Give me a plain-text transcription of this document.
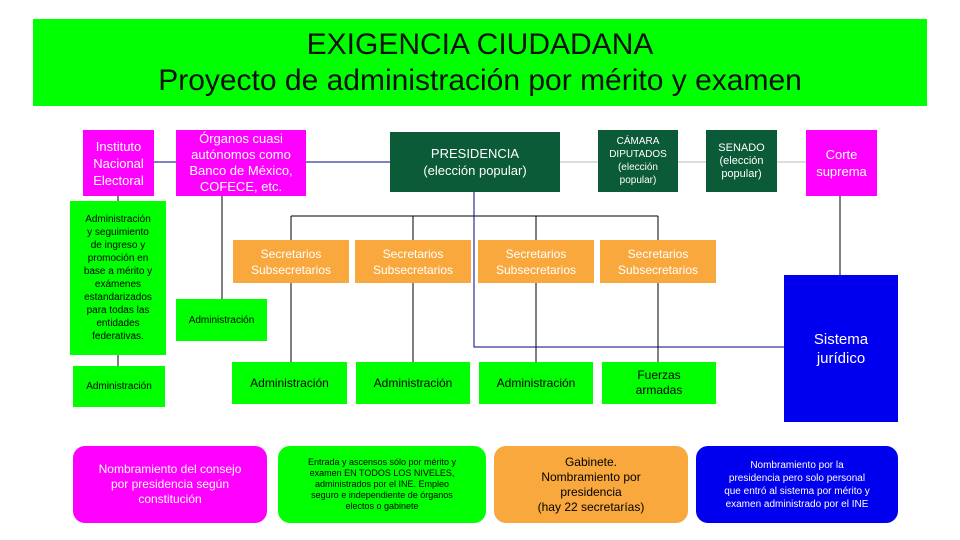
EXIGENCIA CIUDADANA
Proyecto de administración por mérito y examen
Instituto
Nacional
Electoral
Órganos cuasi
autónomos como
Banco de México,
COFECE, etc.
PRESIDENCIA
(elección popular)
CÁMARA
DIPUTADOS
(elección
popular)
SENADO
(elección
popular)
Corte
suprema
Administración
y seguimiento
de ingreso y
promoción en
base a mérito y
exámenes
estandarizados
para todas las
entidades
federativas.
Administración
Administración
Secretarios
Subsecretarios
Secretarios
Subsecretarios
Secretarios
Subsecretarios
Secretarios
Subsecretarios
Administración	Administración	Administración
Fuerzas
armadas
Sistema
jurídico
Nombramiento del consejo
por presidencia según
constitución
Entrada y ascensos sólo por mérito y
examen EN TODOS LOS NIVELES,
administrados por el INE. Empleo
seguro e independiente de órganos
electos o gabinete
Gabinete.
Nombramiento por
presidencia
(hay 22 secretarías)
Nombramiento por la
presidencia pero solo personal
que entró al sistema por mérito y
examen administrado por el INE
